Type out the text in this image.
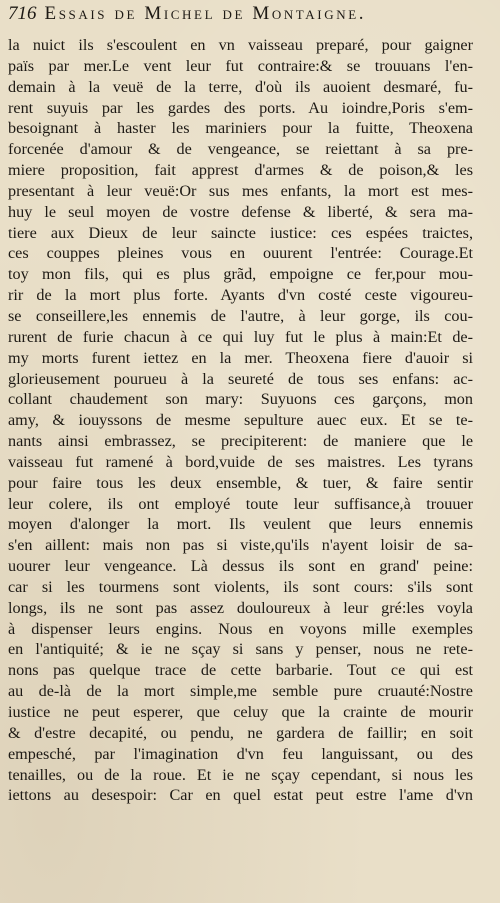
716 Essais de Michel de Montaigne.
la nuict ils s'escoulent en vn vaisseau preparé, pour gaigner
païs par mer.Le vent leur fut contraire:& se trouuans l'en-
demain à la veuë de la terre, d'où ils auoient desmaré, fu-
rent suyuis par les gardes des ports. Au ioindre,Poris s'em-
besoignant à haster les mariniers pour la fuitte, Theoxena
forcenée d'amour & de vengeance, se reiettant à sa pre-
miere proposition, fait apprest d'armes & de poison,& les
presentant à leur veuë:Or sus mes enfants, la mort est mes-
huy le seul moyen de vostre defense & liberté, & sera ma-
tiere aux Dieux de leur saincte iustice: ces espées traictes,
ces couppes pleines vous en ouurent l'entrée: Courage.Et
toy mon fils, qui es plus grãd, empoigne ce fer,pour mou-
rir de la mort plus forte. Ayants d'vn costé ceste vigoureu-
se conseillere,les ennemis de l'autre, à leur gorge, ils cou-
rurent de furie chacun à ce qui luy fut le plus à main:Et de-
my morts furent iettez en la mer. Theoxena fiere d'auoir si
glorieusement pourueu à la seureté de tous ses enfans: ac-
collant chaudement son mary: Suyuons ces garçons, mon
amy, & iouyssons de mesme sepulture auec eux. Et se te-
nants ainsi embrassez, se precipiterent: de maniere que le
vaisseau fut ramené à bord,vuide de ses maistres. Les tyrans
pour faire tous les deux ensemble, & tuer, & faire sentir
leur colere, ils ont employé toute leur suffisance,à trouuer
moyen d'alonger la mort. Ils veulent que leurs ennemis
s'en aillent: mais non pas si viste,qu'ils n'ayent loisir de sa-
uourer leur vengeance. Là dessus ils sont en grand' peine:
car si les tourmens sont violents, ils sont cours: s'ils sont
longs, ils ne sont pas assez douloureux à leur gré:les voyla
à dispenser leurs engins. Nous en voyons mille exemples
en l'antiquité; & ie ne sçay si sans y penser, nous ne rete-
nons pas quelque trace de cette barbarie. Tout ce qui est
au de-là de la mort simple,me semble pure cruauté:Nostre
iustice ne peut esperer, que celuy que la crainte de mourir
& d'estre decapité, ou pendu, ne gardera de faillir; en soit
empesché, par l'imagination d'vn feu languissant, ou des
tenailles, ou de la roue. Et ie ne sçay cependant, si nous les
iettons au desespoir: Car en quel estat peut estre l'ame d'vn
